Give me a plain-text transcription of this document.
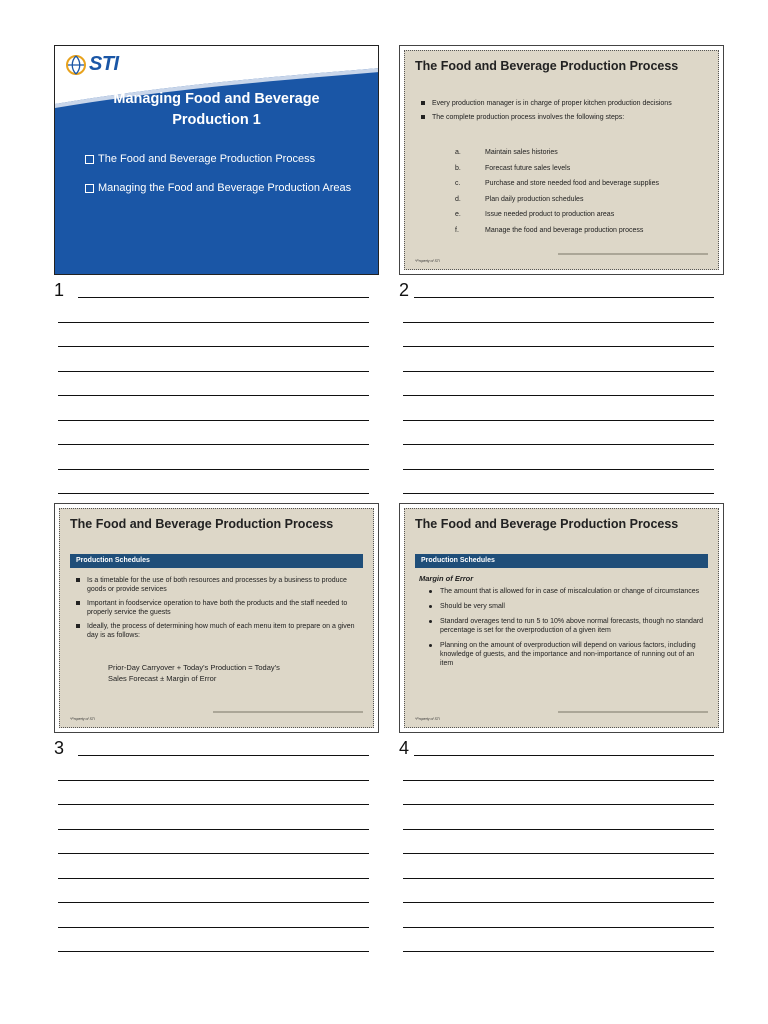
STI
Managing Food and Beverage Production 1
The Food and Beverage Production Process
Managing the Food and Beverage Production Areas
The Food and Beverage Production Process
Every production manager is in charge of proper kitchen production decisions
The complete production process involves the following steps:
a.	Maintain sales histories
b.	Forecast future sales levels
c.	Purchase and store needed food and beverage supplies
d.	Plan daily production schedules
e.	Issue needed product to production areas
f.	Manage the food and beverage production process
*Property of STI
The Food and Beverage Production Process
Production Schedules
Is a timetable for the use of both resources and processes by a business to produce goods or provide services
Important in foodservice operation to have both the products and the staff needed to properly service the guests
Ideally, the process of determining how much of each menu item to prepare on a given day is as follows:
Prior-Day Carryover + Today's Production = Today's Sales Forecast ± Margin of Error
*Property of STI
The Food and Beverage Production Process
Production Schedules
Margin of Error
The amount that is allowed for in case of miscalculation or change of circumstances
Should be very small
Standard overages tend to run 5 to 10% above normal forecasts, though no standard percentage is set for the overproduction of a given item
Planning on the amount of overproduction will depend on various factors, including knowledge of guests, and the importance and non-importance of running out of an item
*Property of STI
1	2
3	4
